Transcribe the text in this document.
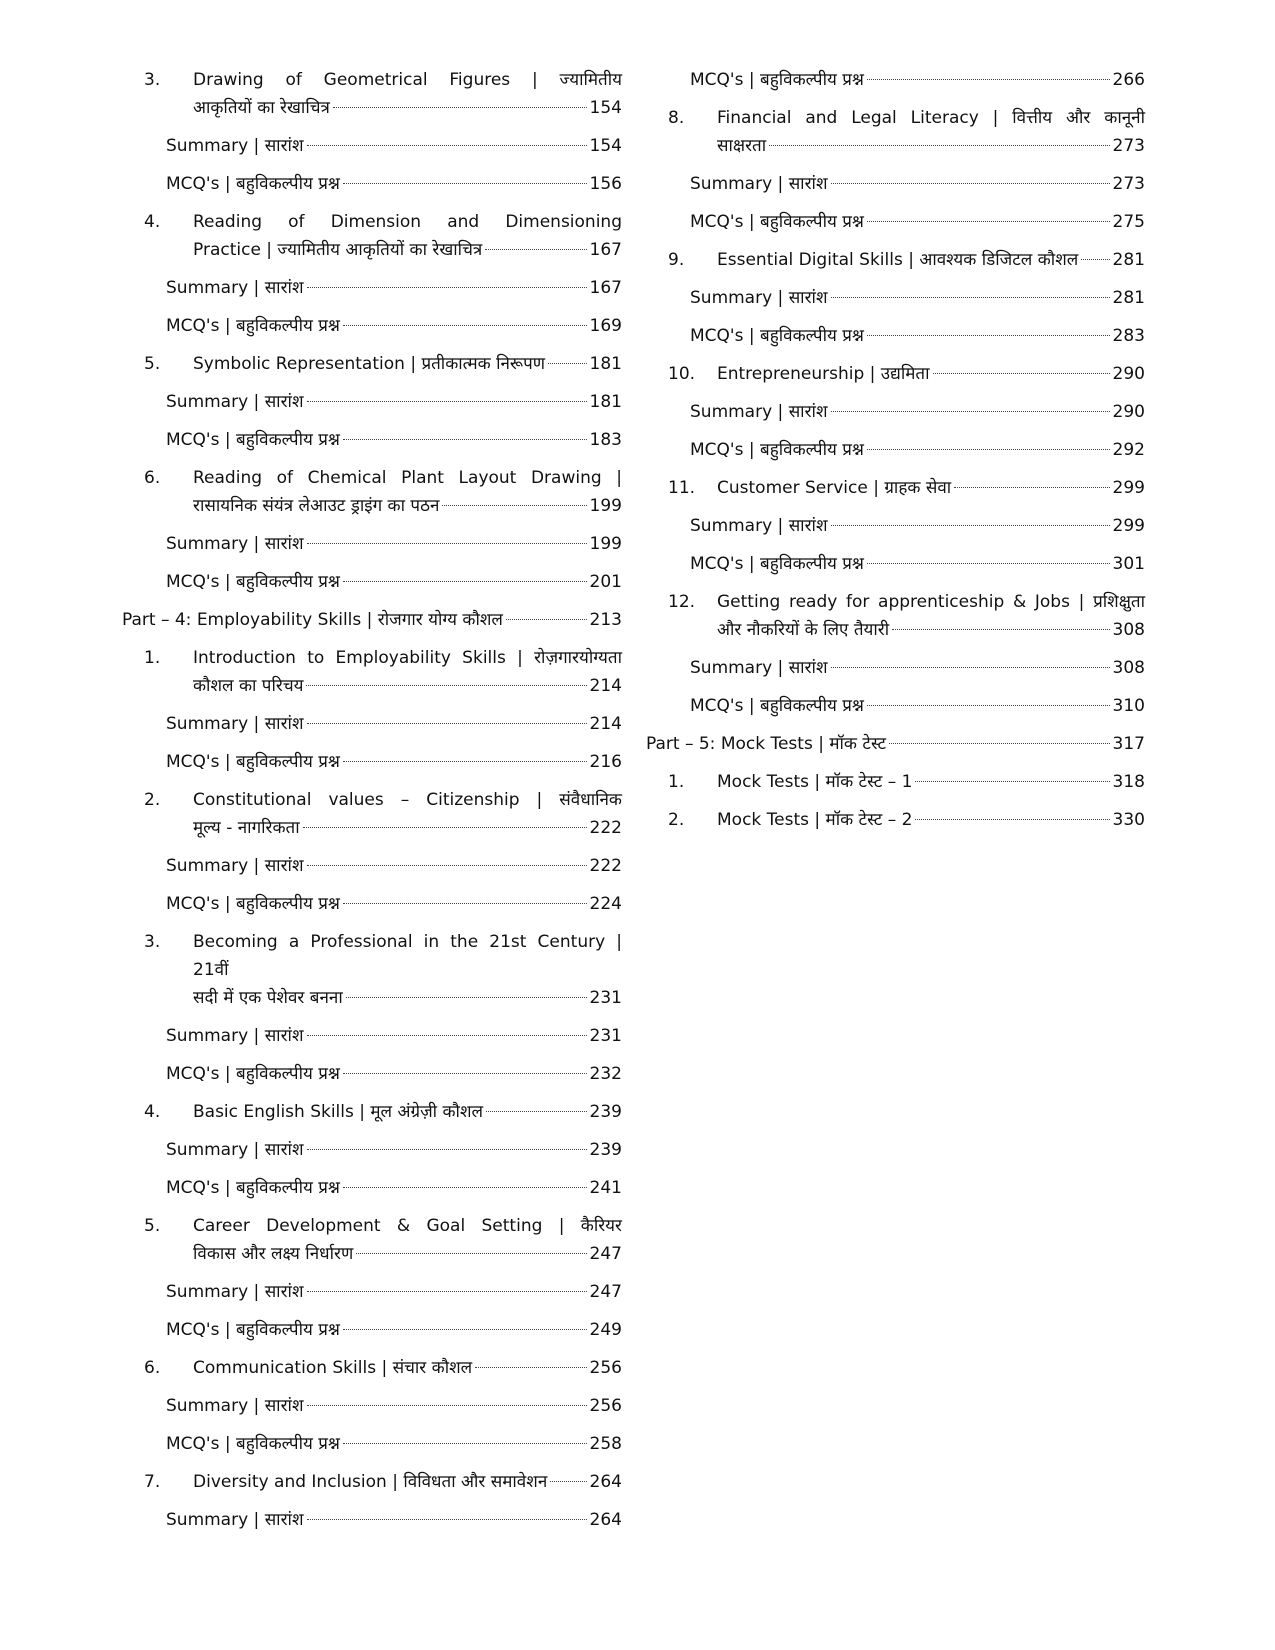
3.	Drawing of Geometrical Figures | ज्यामितीय
आकृतियों का रेखाचित्र	154
Summary | सारांश	154
MCQ's | बहुविकल्पीय प्रश्न	156
4.	Reading of Dimension and Dimensioning
Practice | ज्यामितीय आकृतियों का रेखाचित्र	167
Summary | सारांश	167
MCQ's | बहुविकल्पीय प्रश्न	169
5.	Symbolic Representation | प्रतीकात्मक निरूपण	181
Summary | सारांश	181
MCQ's | बहुविकल्पीय प्रश्न	183
6.	Reading of Chemical Plant Layout Drawing |
रासायनिक संयंत्र लेआउट ड्राइंग का पठन	199
Summary | सारांश	199
MCQ's | बहुविकल्पीय प्रश्न	201
Part – 4: Employability Skills | रोजगार योग्य कौशल	213
1.	Introduction to Employability Skills | रोज़गारयोग्यता
कौशल का परिचय	214
Summary | सारांश	214
MCQ's | बहुविकल्पीय प्रश्न	216
2.	Constitutional values – Citizenship | संवैधानिक
मूल्य - नागरिकता	222
Summary | सारांश	222
MCQ's | बहुविकल्पीय प्रश्न	224
3.	Becoming a Professional in the 21st Century | 21वीं
सदी में एक पेशेवर बनना	231
Summary | सारांश	231
MCQ's | बहुविकल्पीय प्रश्न	232
4.	Basic English Skills | मूल अंग्रेज़ी कौशल	239
Summary | सारांश	239
MCQ's | बहुविकल्पीय प्रश्न	241
5.	Career Development & Goal Setting | कैरियर
विकास और लक्ष्य निर्धारण	247
Summary | सारांश	247
MCQ's | बहुविकल्पीय प्रश्न	249
6.	Communication Skills | संचार कौशल	256
Summary | सारांश	256
MCQ's | बहुविकल्पीय प्रश्न	258
7.	Diversity and Inclusion | विविधता और समावेशन 264
Summary | सारांश	264
MCQ's | बहुविकल्पीय प्रश्न	266
8.	Financial and Legal Literacy | वित्तीय और कानूनी
साक्षरता	273
Summary | सारांश	273
MCQ's | बहुविकल्पीय प्रश्न	275
9.	Essential Digital Skills | आवश्यक डिजिटल कौशल 281
Summary | सारांश	281
MCQ's | बहुविकल्पीय प्रश्न	283
10.	Entrepreneurship | उद्यमिता	290
Summary | सारांश	290
MCQ's | बहुविकल्पीय प्रश्न	292
11.	Customer Service | ग्राहक सेवा	299
Summary | सारांश	299
MCQ's | बहुविकल्पीय प्रश्न	301
12.	Getting ready for apprenticeship & Jobs | प्रशिक्षुता
और नौकरियों के लिए तैयारी	308
Summary | सारांश	308
MCQ's | बहुविकल्पीय प्रश्न	310
Part – 5: Mock Tests | मॉक टेस्ट	317
1.	Mock Tests | मॉक टेस्ट – 1	318
2.	Mock Tests | मॉक टेस्ट – 2	330
